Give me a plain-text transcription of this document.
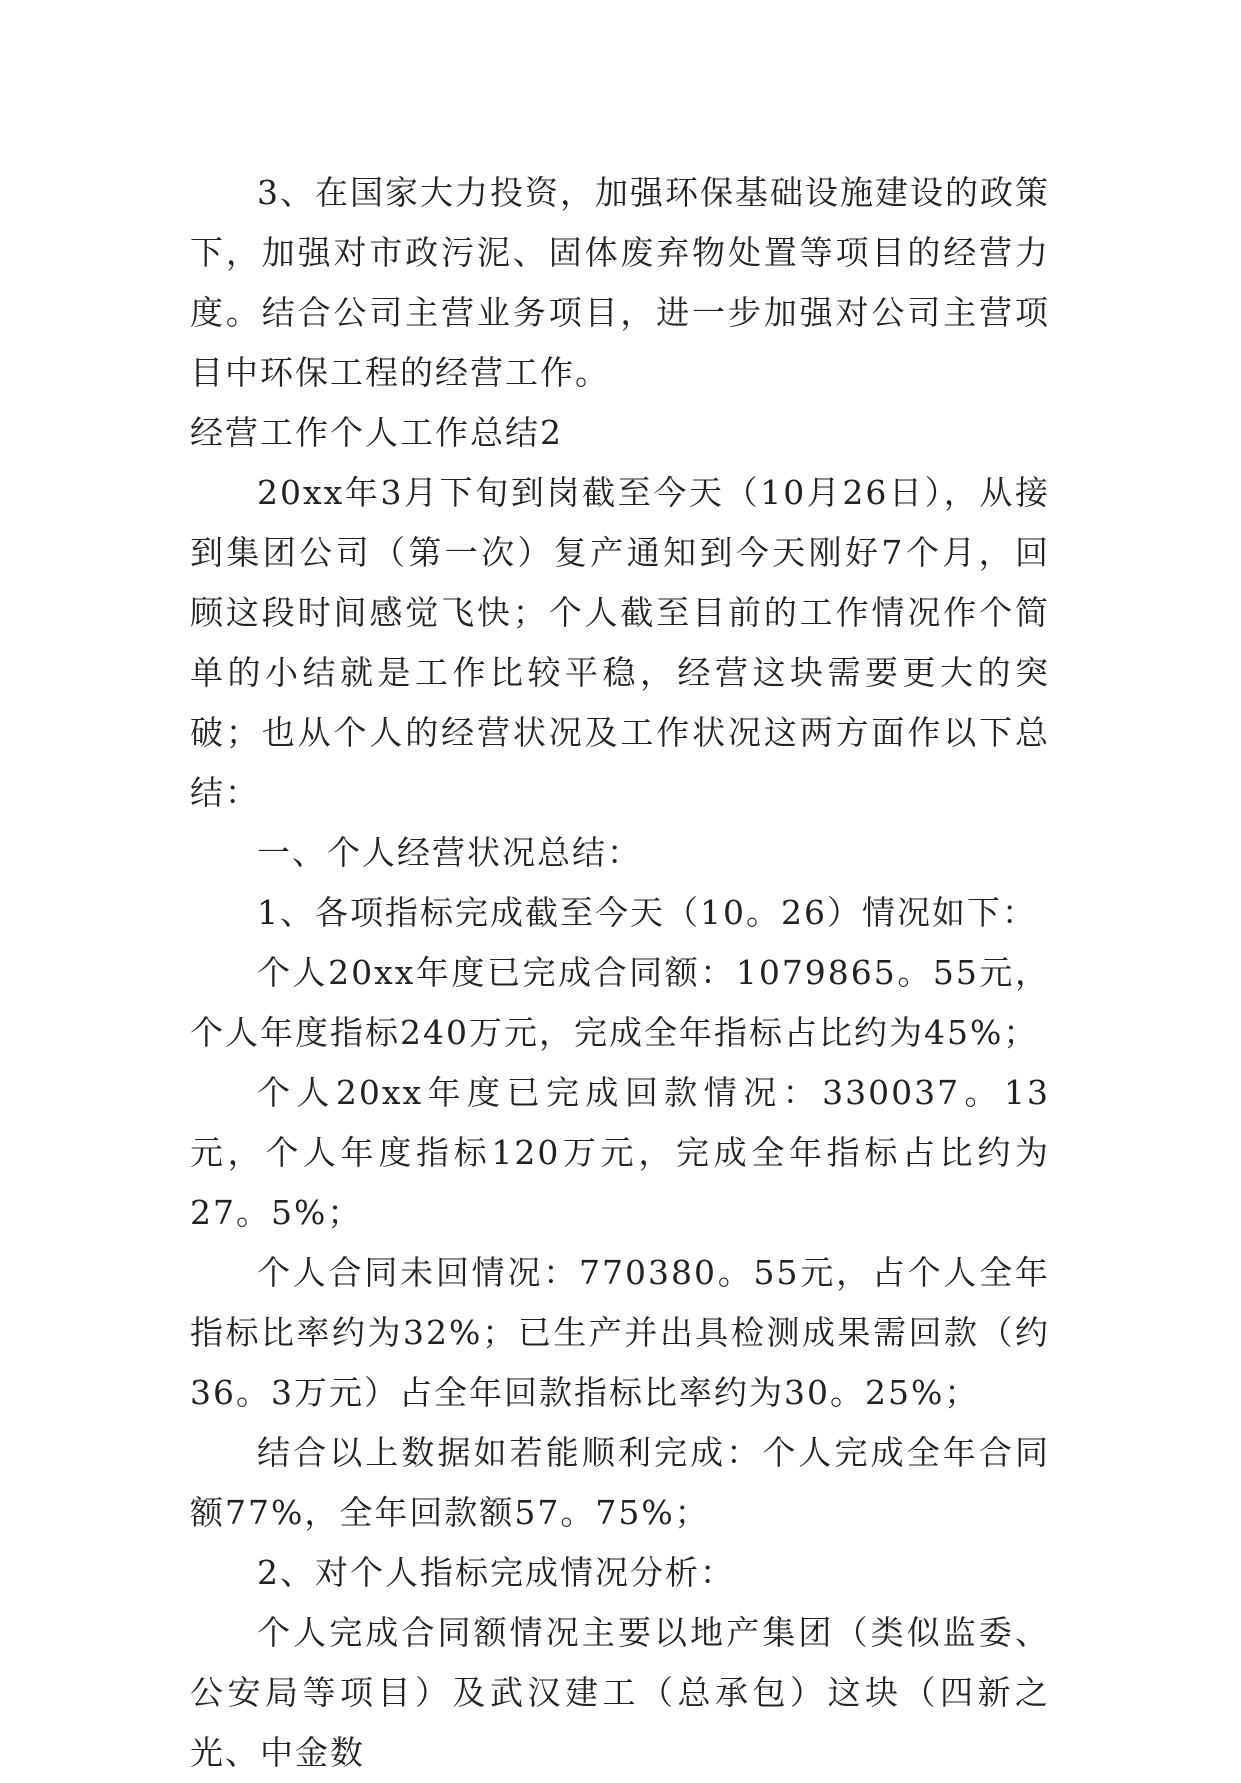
3、在国家大力投资，加强环保基础设施建设的政策下，加强对市政污泥、固体废弃物处置等项目的经营力度。结合公司主营业务项目，进一步加强对公司主营项目中环保工程的经营工作。

经营工作个人工作总结2

20xx年3月下旬到岗截至今天（10月26日），从接到集团公司（第一次）复产通知到今天刚好7个月，回顾这段时间感觉飞快；个人截至目前的工作情况作个简单的小结就是工作比较平稳，经营这块需要更大的突破；也从个人的经营状况及工作状况这两方面作以下总结：

一、个人经营状况总结：

1、各项指标完成截至今天（10。26）情况如下：

个人20xx年度已完成合同额：1079865。55元，个人年度指标240万元，完成全年指标占比约为45%；

个人20xx年度已完成回款情况：330037。13元，个人年度指标120万元，完成全年指标占比约为27。5%；

个人合同未回情况：770380。55元，占个人全年指标比率约为32%；已生产并出具检测成果需回款（约36。3万元）占全年回款指标比率约为30。25%；

结合以上数据如若能顺利完成：个人完成全年合同额77%，全年回款额57。75%；

2、对个人指标完成情况分析：

个人完成合同额情况主要以地产集团（类似监委、公安局等项目）及武汉建工（总承包）这块（四新之光、中金数
